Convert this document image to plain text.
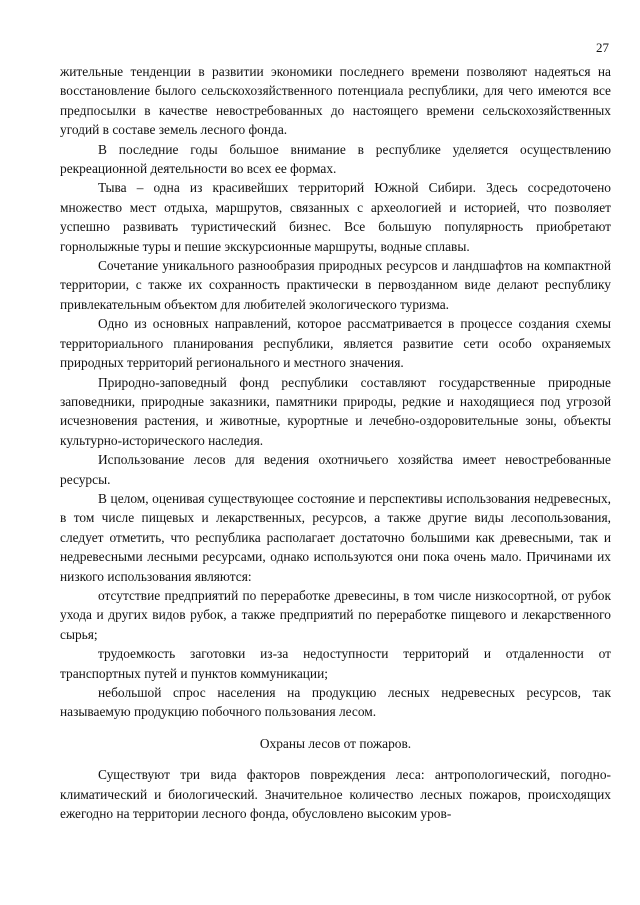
27

жительные тенденции в развитии экономики последнего времени позволяют надеяться на восстановление былого сельскохозяйственного потенциала республики, для чего имеются все предпосылки в качестве невостребованных до настоящего времени сельскохозяйственных угодий в составе земель лесного фонда.

В последние годы большое внимание в республике уделяется осуществлению рекреационной деятельности во всех ее формах.

Тыва – одна из красивейших территорий Южной Сибири. Здесь сосредоточено множество мест отдыха, маршрутов, связанных с археологией и историей, что позволяет успешно развивать туристический бизнес. Все большую популярность приобретают горнолыжные туры и пешие экскурсионные маршруты, водные сплавы.

Сочетание уникального разнообразия природных ресурсов и ландшафтов на компактной территории, с также их сохранность практически в первозданном виде делают республику привлекательным объектом для любителей экологического туризма.

Одно из основных направлений, которое рассматривается в процессе создания схемы территориального планирования республики, является развитие сети особо охраняемых природных территорий регионального и местного значения.

Природно-заповедный фонд республики составляют государственные природные заповедники, природные заказники, памятники природы, редкие и находящиеся под угрозой исчезновения растения, и животные, курортные и лечебно-оздоровительные зоны, объекты культурно-исторического наследия.

Использование лесов для ведения охотничьего хозяйства имеет невостребованные ресурсы.

В целом, оценивая существующее состояние и перспективы использования недревесных, в том числе пищевых и лекарственных, ресурсов, а также другие виды лесопользования, следует отметить, что республика располагает достаточно большими как древесными, так и недревесными лесными ресурсами, однако используются они пока очень мало. Причинами их низкого использования являются:

отсутствие предприятий по переработке древесины, в том числе низкосортной, от рубок ухода и других видов рубок, а также предприятий по переработке пищевого и лекарственного сырья;

трудоемкость заготовки из-за недоступности территорий и отдаленности от транспортных путей и пунктов коммуникации;

небольшой спрос населения на продукцию лесных недревесных ресурсов, так называемую продукцию побочного пользования лесом.

Охраны лесов от пожаров.

Существуют три вида факторов повреждения леса: антропологический, погодно-климатический и биологический. Значительное количество лесных пожаров, происходящих ежегодно на территории лесного фонда, обусловлено высоким уров-
